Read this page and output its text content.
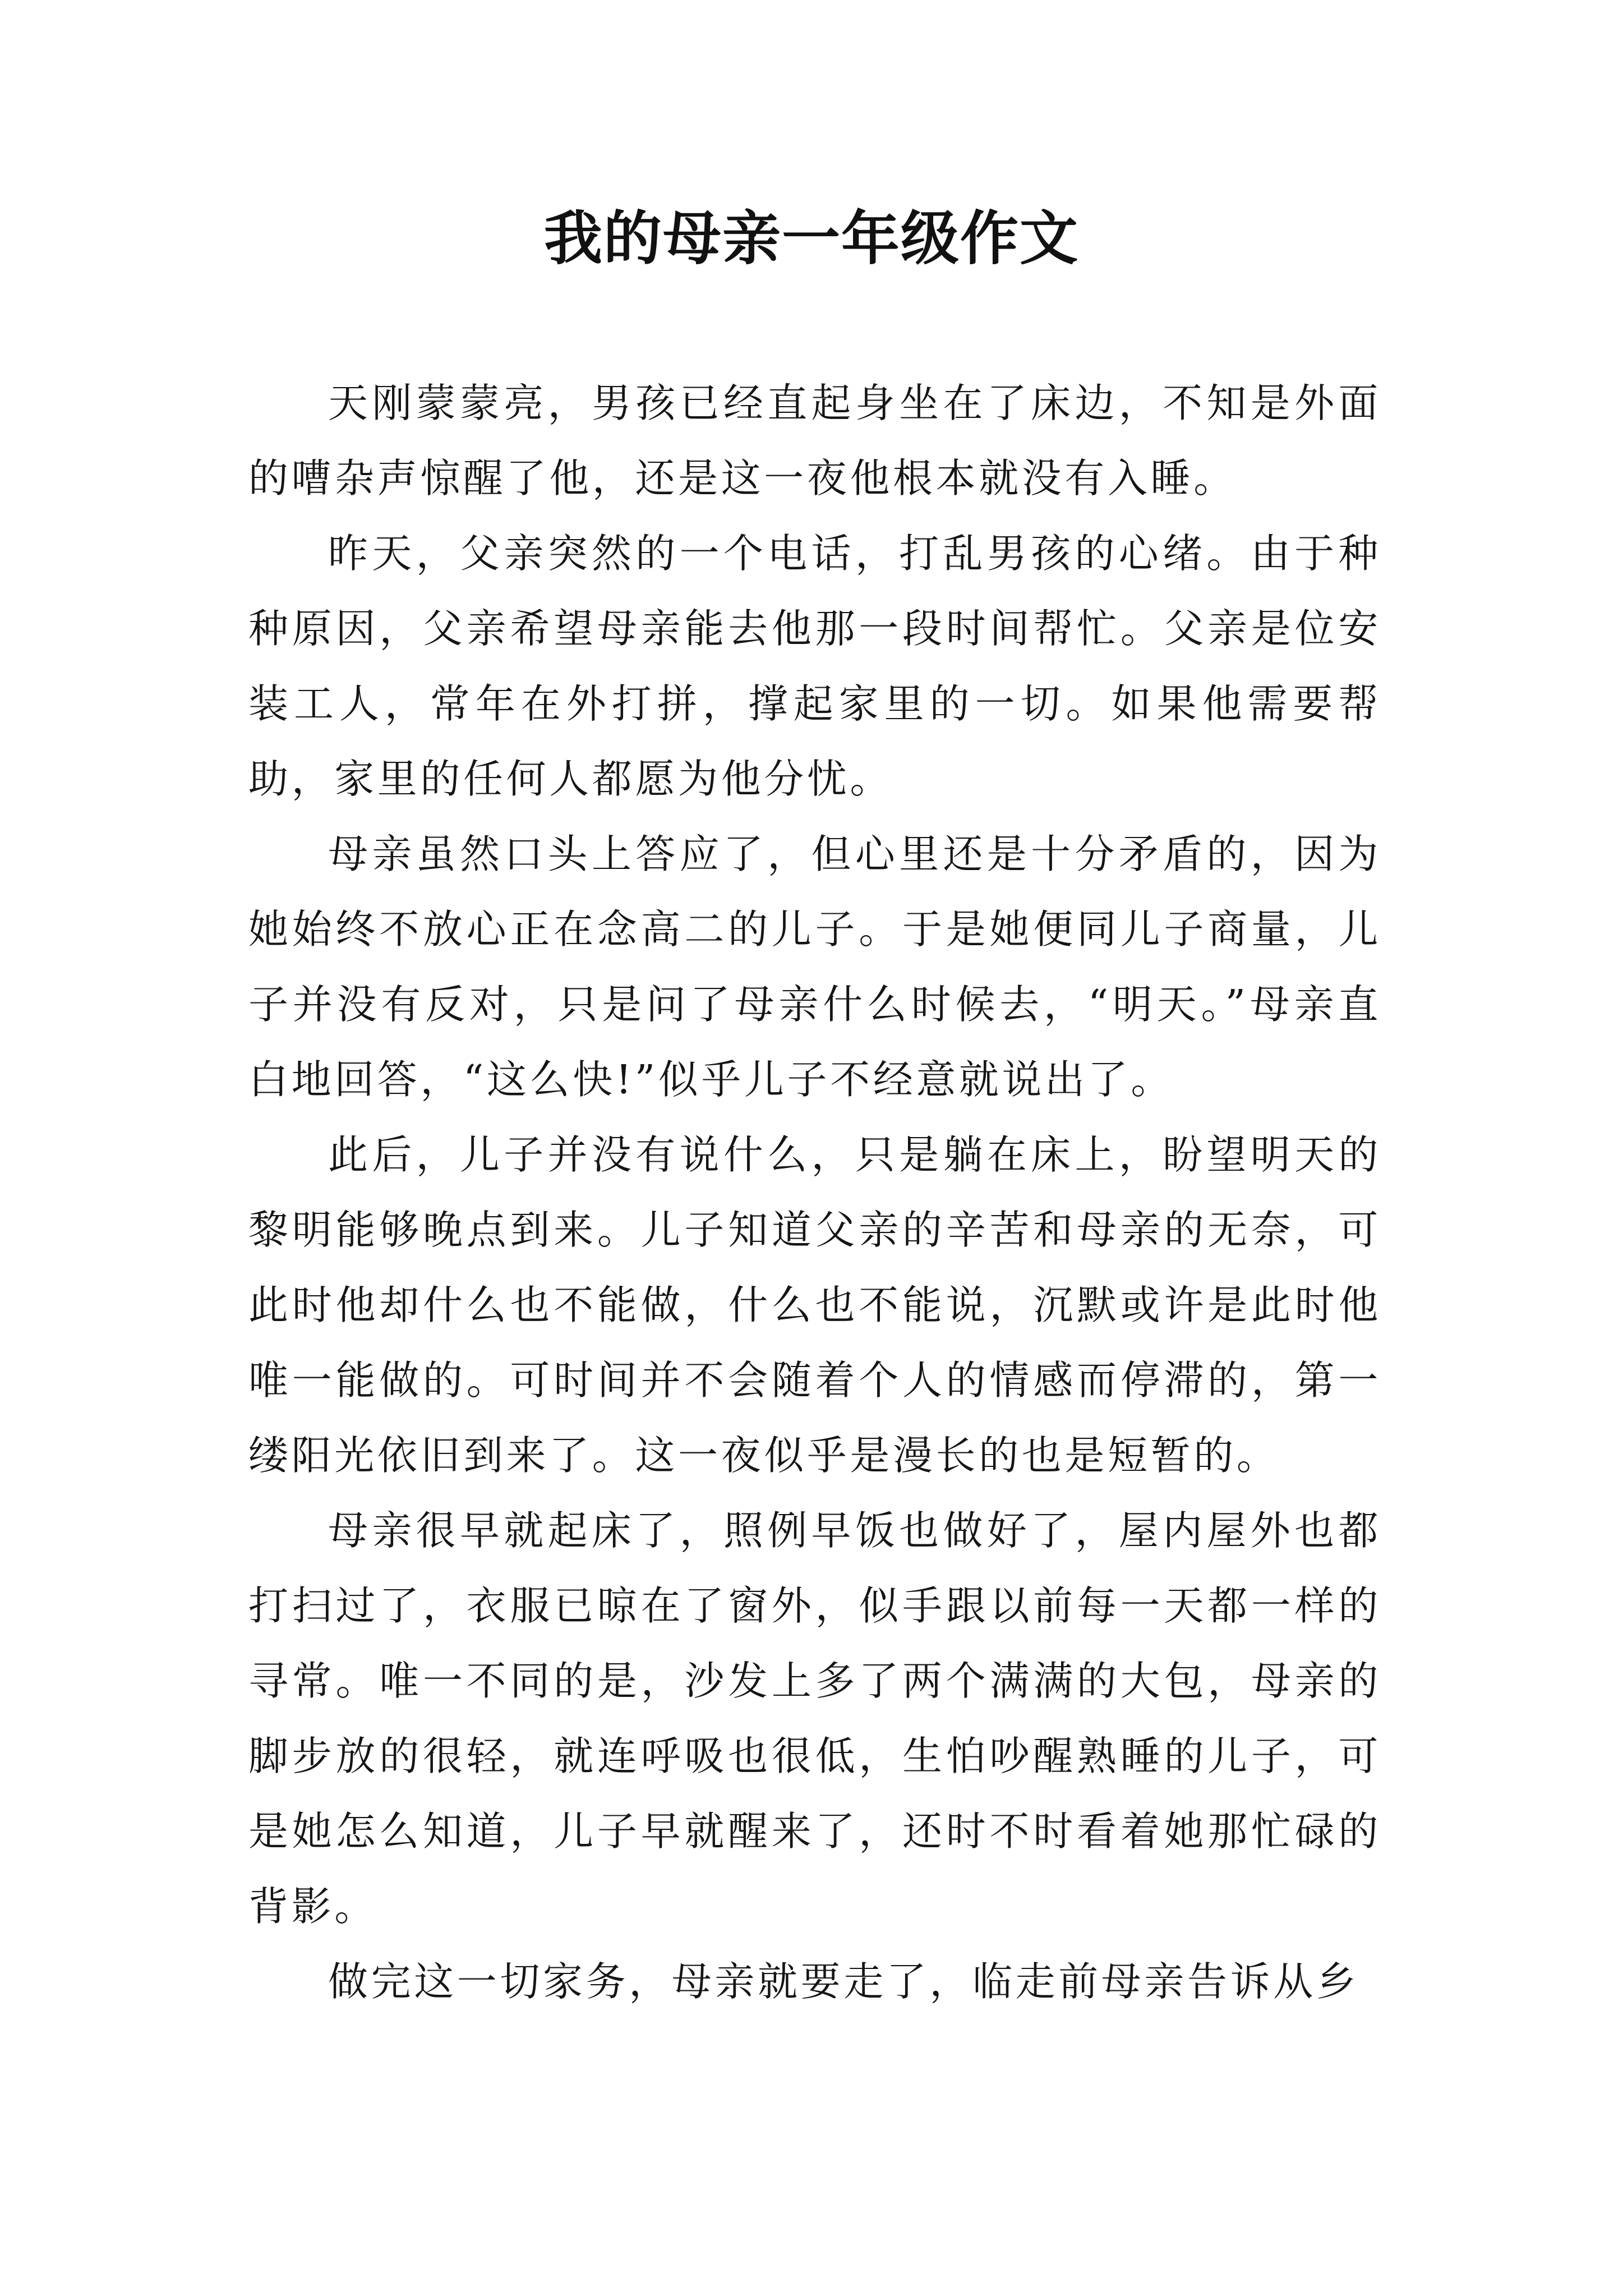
我的母亲一年级作文

天刚蒙蒙亮，男孩已经直起身坐在了床边，不知是外面的嘈杂声惊醒了他，还是这一夜他根本就没有入睡。

昨天，父亲突然的一个电话，打乱男孩的心绪。由于种种原因，父亲希望母亲能去他那一段时间帮忙。父亲是位安装工人，常年在外打拼，撑起家里的一切。如果他需要帮助，家里的任何人都愿为他分忧。

母亲虽然口头上答应了，但心里还是十分矛盾的，因为她始终不放心正在念高二的儿子。于是她便同儿子商量，儿子并没有反对，只是问了母亲什么时候去，“明天。”母亲直白地回答，“这么快!”似乎儿子不经意就说出了。

此后，儿子并没有说什么，只是躺在床上，盼望明天的黎明能够晚点到来。儿子知道父亲的辛苦和母亲的无奈，可此时他却什么也不能做，什么也不能说，沉默或许是此时他唯一能做的。可时间并不会随着个人的情感而停滞的，第一缕阳光依旧到来了。这一夜似乎是漫长的也是短暂的。

母亲很早就起床了，照例早饭也做好了，屋内屋外也都打扫过了，衣服已晾在了窗外，似手跟以前每一天都一样的寻常。唯一不同的是，沙发上多了两个满满的大包，母亲的脚步放的很轻，就连呼吸也很低，生怕吵醒熟睡的儿子，可是她怎么知道，儿子早就醒来了，还时不时看着她那忙碌的背影。

做完这一切家务，母亲就要走了，临走前母亲告诉从乡
